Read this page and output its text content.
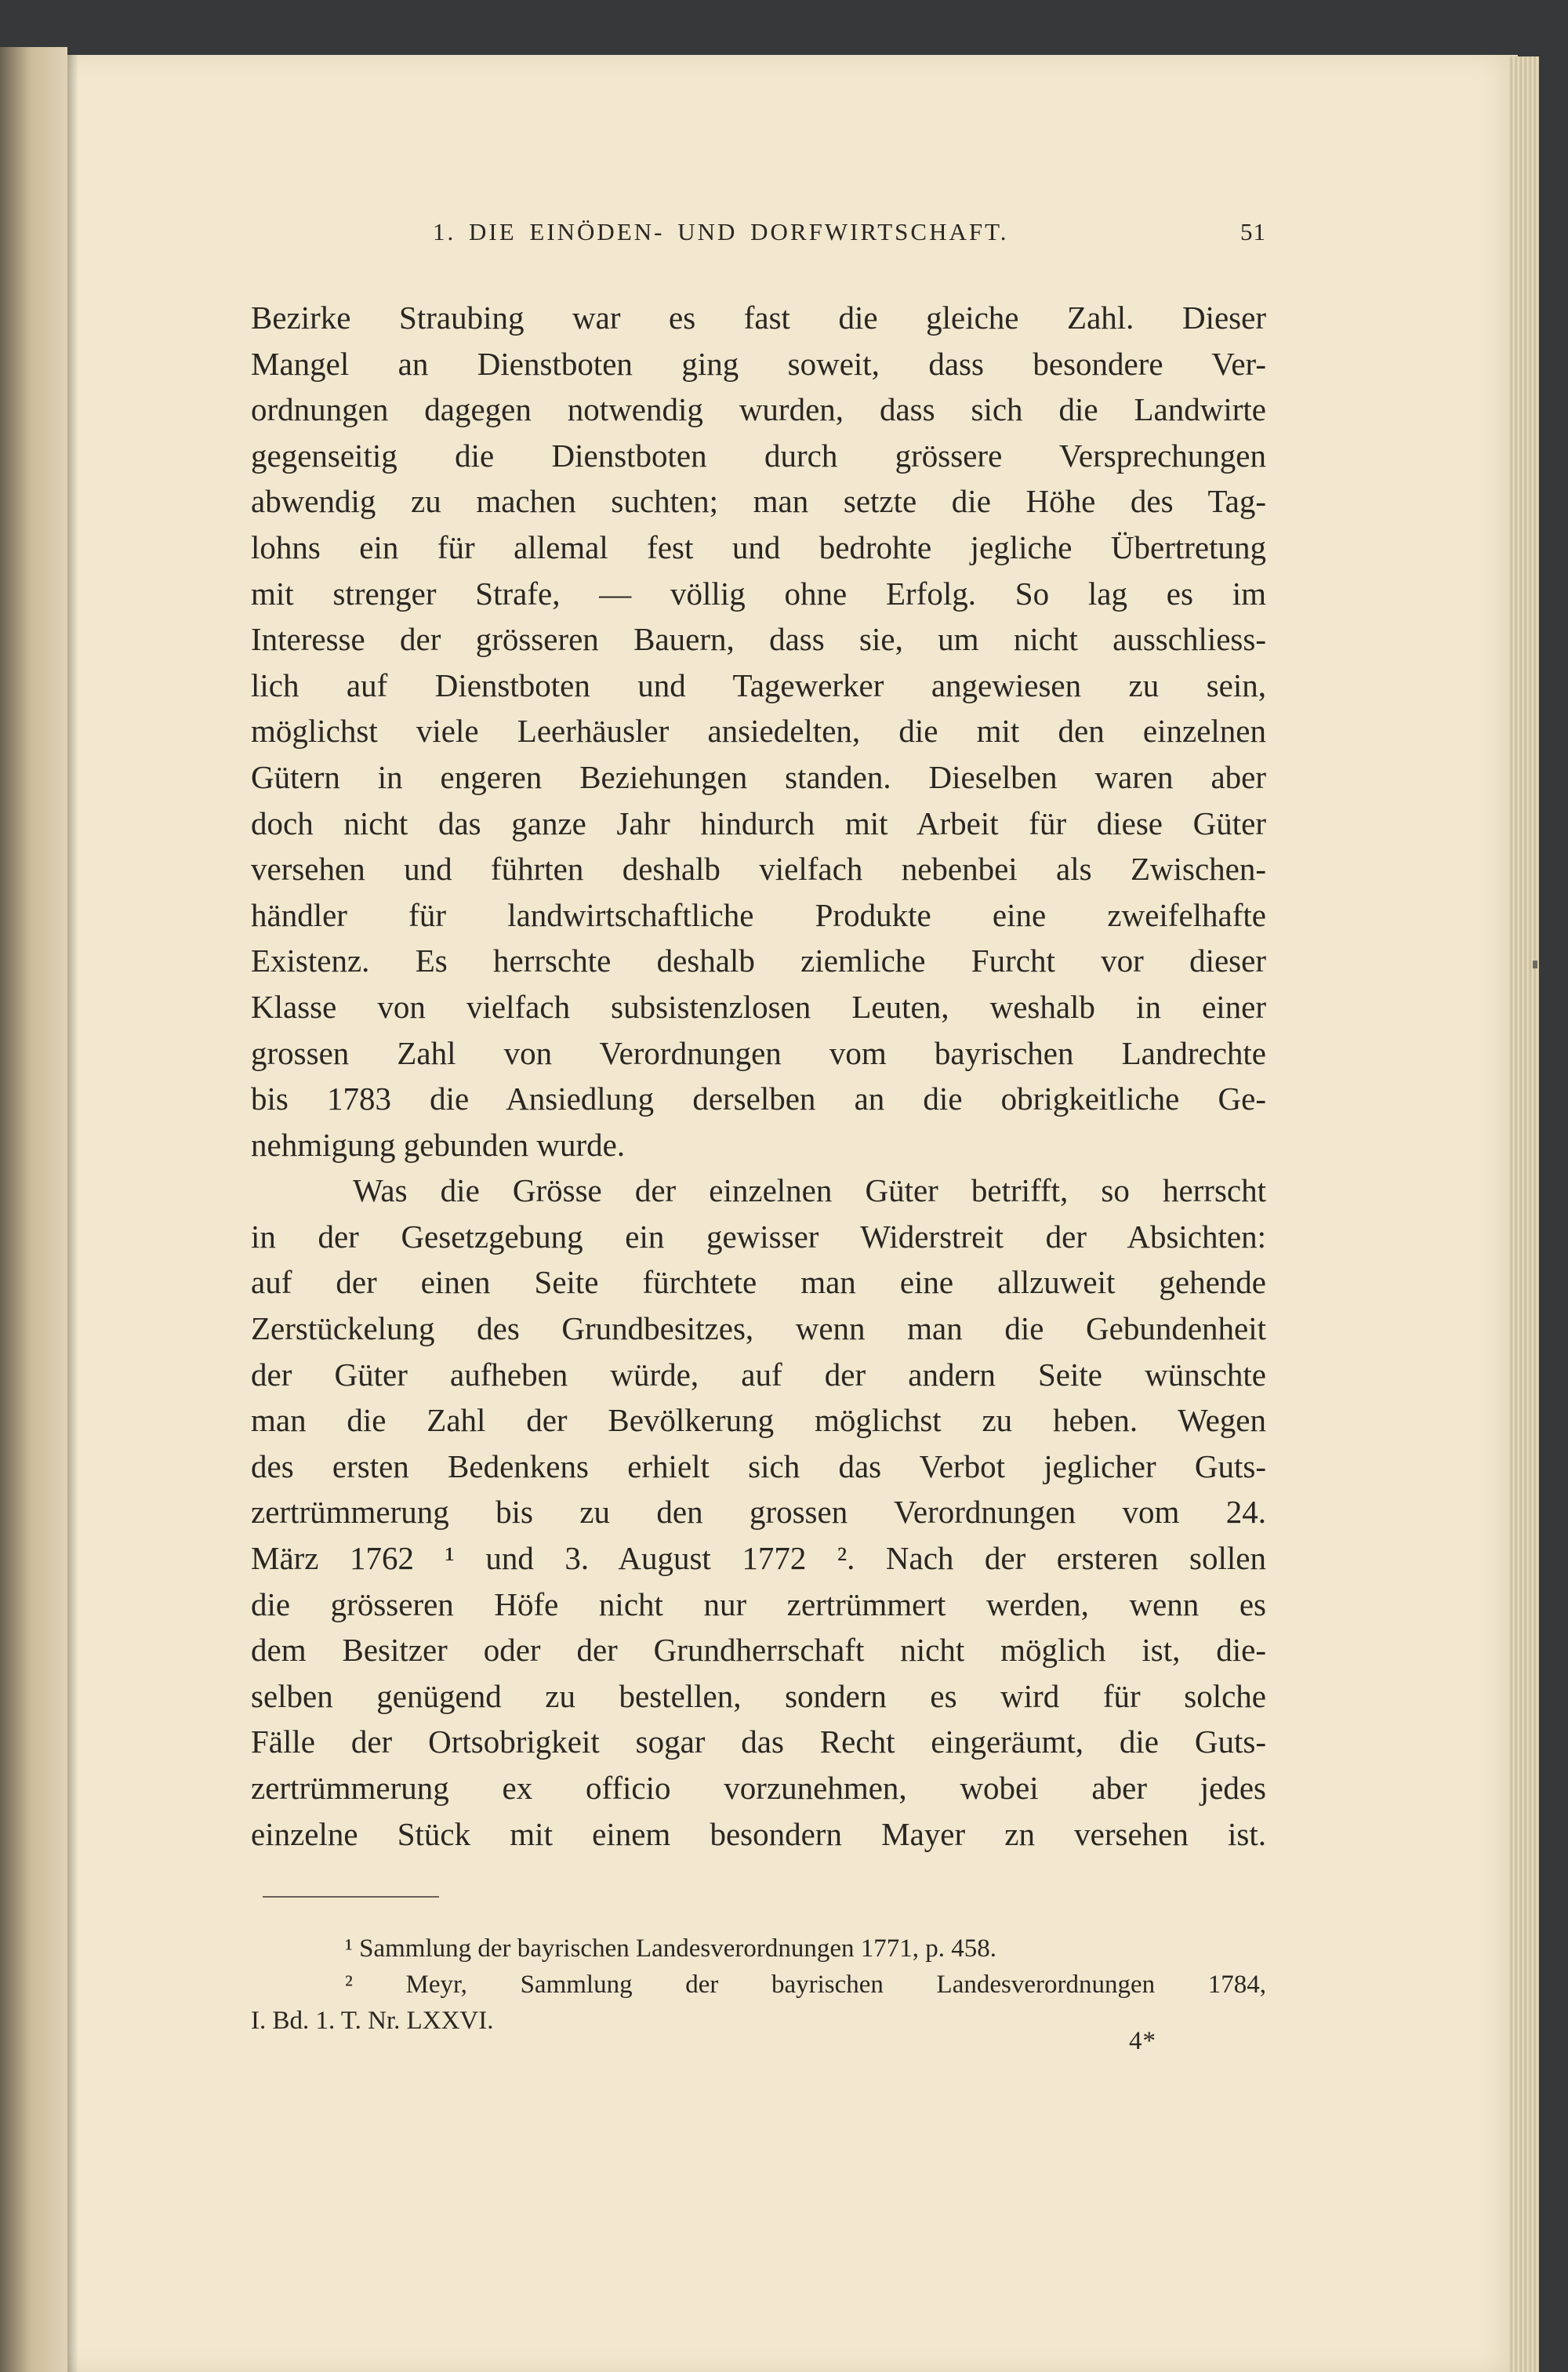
1. DIE EINÖDEN- UND DORFWIRTSCHAFT.	51
Bezirke Straubing war es fast die gleiche Zahl. Dieser
Mangel an Dienstboten ging soweit, dass besondere Ver-
ordnungen dagegen notwendig wurden, dass sich die Landwirte
gegenseitig die Dienstboten durch grössere Versprechungen
abwendig zu machen suchten; man setzte die Höhe des Tag-
lohns ein für allemal fest und bedrohte jegliche Übertretung
mit strenger Strafe, — völlig ohne Erfolg. So lag es im
Interesse der grösseren Bauern, dass sie, um nicht ausschliess-
lich auf Dienstboten und Tagewerker angewiesen zu sein,
möglichst viele Leerhäusler ansiedelten, die mit den einzelnen
Gütern in engeren Beziehungen standen. Dieselben waren aber
doch nicht das ganze Jahr hindurch mit Arbeit für diese Güter
versehen und führten deshalb vielfach nebenbei als Zwischen-
händler für landwirtschaftliche Produkte eine zweifelhafte
Existenz. Es herrschte deshalb ziemliche Furcht vor dieser
Klasse von vielfach subsistenzlosen Leuten, weshalb in einer
grossen Zahl von Verordnungen vom bayrischen Landrechte
bis 1783 die Ansiedlung derselben an die obrigkeitliche Ge-
nehmigung gebunden wurde.
Was die Grösse der einzelnen Güter betrifft, so herrscht
in der Gesetzgebung ein gewisser Widerstreit der Absichten:
auf der einen Seite fürchtete man eine allzuweit gehende
Zerstückelung des Grundbesitzes, wenn man die Gebundenheit
der Güter aufheben würde, auf der andern Seite wünschte
man die Zahl der Bevölkerung möglichst zu heben. Wegen
des ersten Bedenkens erhielt sich das Verbot jeglicher Guts-
zertrümmerung bis zu den grossen Verordnungen vom 24.
März 1762 ¹ und 3. August 1772 ². Nach der ersteren sollen
die grösseren Höfe nicht nur zertrümmert werden, wenn es
dem Besitzer oder der Grundherrschaft nicht möglich ist, die-
selben genügend zu bestellen, sondern es wird für solche
Fälle der Ortsobrigkeit sogar das Recht eingeräumt, die Guts-
zertrümmerung ex officio vorzunehmen, wobei aber jedes
einzelne Stück mit einem besondern Mayer zn versehen ist.
¹ Sammlung der bayrischen Landesverordnungen 1771, p. 458.
² Meyr, Sammlung der bayrischen Landesverordnungen 1784,
I. Bd. 1. T. Nr. LXXVI.
4*
